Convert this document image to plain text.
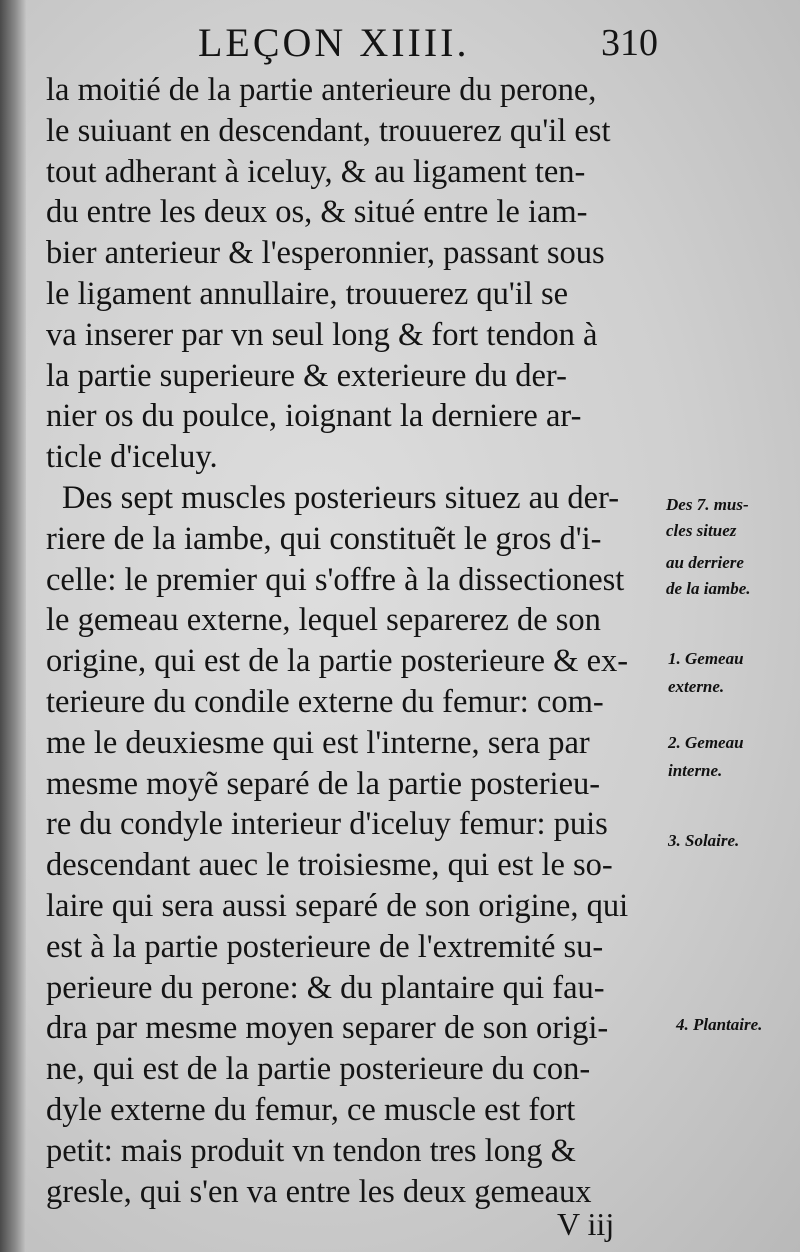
LEÇON XIIII.	310
la moitié de la partie anterieure du perone,
le suiuant en descendant, trouuerez qu'il est
tout adherant à iceluy, & au ligament ten-
du entre les deux os, & situé entre le iam-
bier anterieur & l'esperonnier, passant sous
le ligament annullaire, trouuerez qu'il se
va inserer par vn seul long & fort tendon à
la partie superieure & exterieure du der-
nier os du poulce, ioignant la derniere ar-
ticle d'iceluy.
Des sept muscles posterieurs situez au der-
riere de la iambe, qui constituẽt le gros d'i-
celle: le premier qui s'offre à la dissectionest
le gemeau externe, lequel separerez de son
origine, qui est de la partie posterieure & ex-
terieure du condile externe du femur: com-
me le deuxiesme qui est l'interne, sera par
mesme moyẽ separé de la partie posterieu-
re du condyle interieur d'iceluy femur: puis
descendant auec le troisiesme, qui est le so-
laire qui sera aussi separé de son origine, qui
est à la partie posterieure de l'extremité su-
perieure du perone: & du plantaire qui fau-
dra par mesme moyen separer de son origi-
ne, qui est de la partie posterieure du con-
dyle externe du femur, ce muscle est fort
petit: mais produit vn tendon tres long &
gresle, qui s'en va entre les deux gemeaux
Des 7. mus-
cles situez
au derriere
de la iambe.
1. Gemeau
externe.
2. Gemeau
interne.
3. Solaire.
4. Plantaire.
V iij
